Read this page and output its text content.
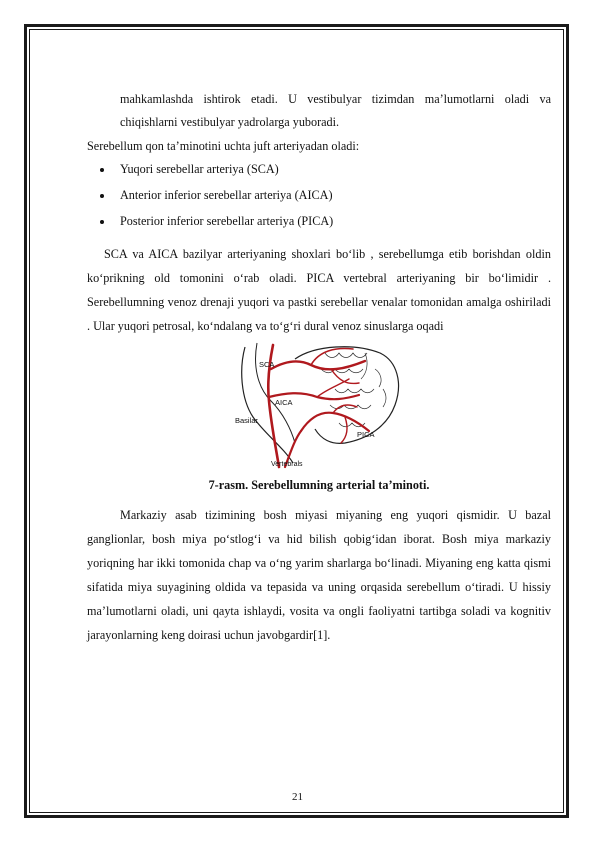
mahkamlashda ishtirok etadi. U vestibulyar tizimdan ma’lumotlarni oladi va chiqishlarni vestibulyar yadrolarga yuboradi.

Serebellum qon ta’minotini uchta juft arteriyadan oladi:

Yuqori serebellar arteriya (SCA)
Anterior inferior serebellar arteriya (AICA)
Posterior inferior serebellar arteriya (PICA)

SCA va AICA bazilyar arteriyaning shoxlari bo‘lib , serebellumga etib borishdan oldin ko‘prikning old tomonini o‘rab oladi. PICA vertebral arteriyaning bir bo‘limidir . Serebellumning venoz drenaji yuqori va pastki serebellar venalar tomonidan amalga oshiriladi . Ular yuqori petrosal, ko‘ndalang va to‘g‘ri dural venoz sinuslarga oqadi

SCA
AICA
Basilar
PICA
Vertebrals

7-rasm. Serebellumning arterial ta’minoti.

Markaziy asab tizimining bosh miyasi miyaning eng yuqori qismidir. U bazal ganglionlar, bosh miya po‘stlog‘i va hid bilish qobig‘idan iborat. Bosh miya markaziy yoriqning har ikki tomonida chap va o‘ng yarim sharlarga bo‘linadi. Miyaning eng katta qismi sifatida miya suyagining oldida va tepasida va uning orqasida serebellum o‘tiradi. U hissiy ma’lumotlarni oladi, uni qayta ishlaydi, vosita va ongli faoliyatni tartibga soladi va kognitiv jarayonlarning keng doirasi uchun javobgardir[1].

21
